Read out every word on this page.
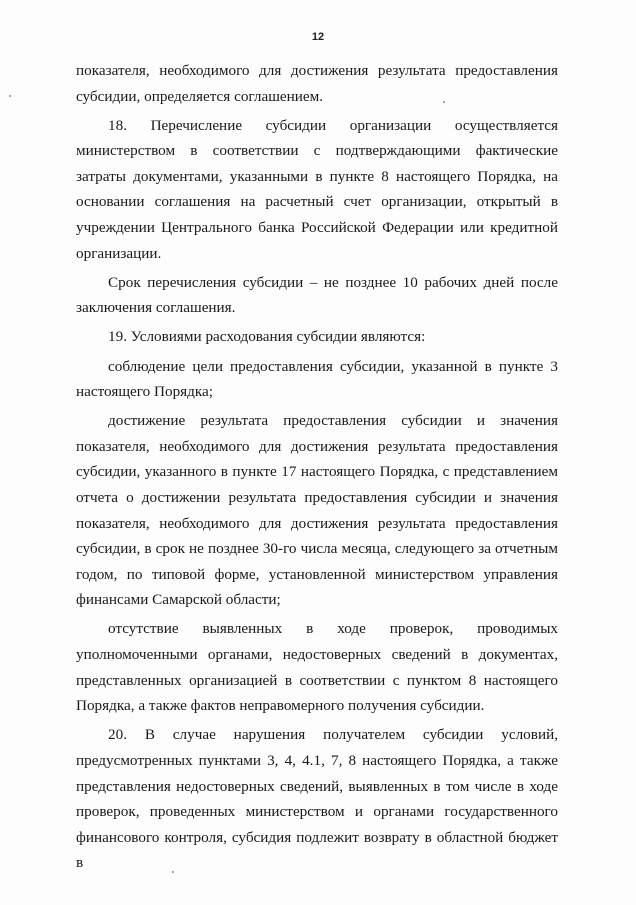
12

показателя, необходимого для достижения результата предоставления субсидии, определяется соглашением.

18. Перечисление субсидии организации осуществляется министерством в соответствии с подтверждающими фактические затраты документами, указанными в пункте 8 настоящего Порядка, на основании соглашения на расчетный счет организации, открытый в учреждении Центрального банка Российской Федерации или кредитной организации.

Срок перечисления субсидии – не позднее 10 рабочих дней после заключения соглашения.

19. Условиями расходования субсидии являются:

соблюдение цели предоставления субсидии, указанной в пункте 3 настоящего Порядка;

достижение результата предоставления субсидии и значения показателя, необходимого для достижения результата предоставления субсидии, указанного в пункте 17 настоящего Порядка, с представлением отчета о достижении результата предоставления субсидии и значения показателя, необходимого для достижения результата предоставления субсидии, в срок не позднее 30-го числа месяца, следующего за отчетным годом, по типовой форме, установленной министерством управления финансами Самарской области;

отсутствие выявленных в ходе проверок, проводимых уполномоченными органами, недостоверных сведений в документах, представленных организацией в соответствии с пунктом 8 настоящего Порядка, а также фактов неправомерного получения субсидии.

20. В случае нарушения получателем субсидии условий, предусмотренных пунктами 3, 4, 4.1, 7, 8 настоящего Порядка, а также представления недостоверных сведений, выявленных в том числе в ходе проверок, проведенных министерством и органами государственного финансового контроля, субсидия подлежит возврату в областной бюджет в
